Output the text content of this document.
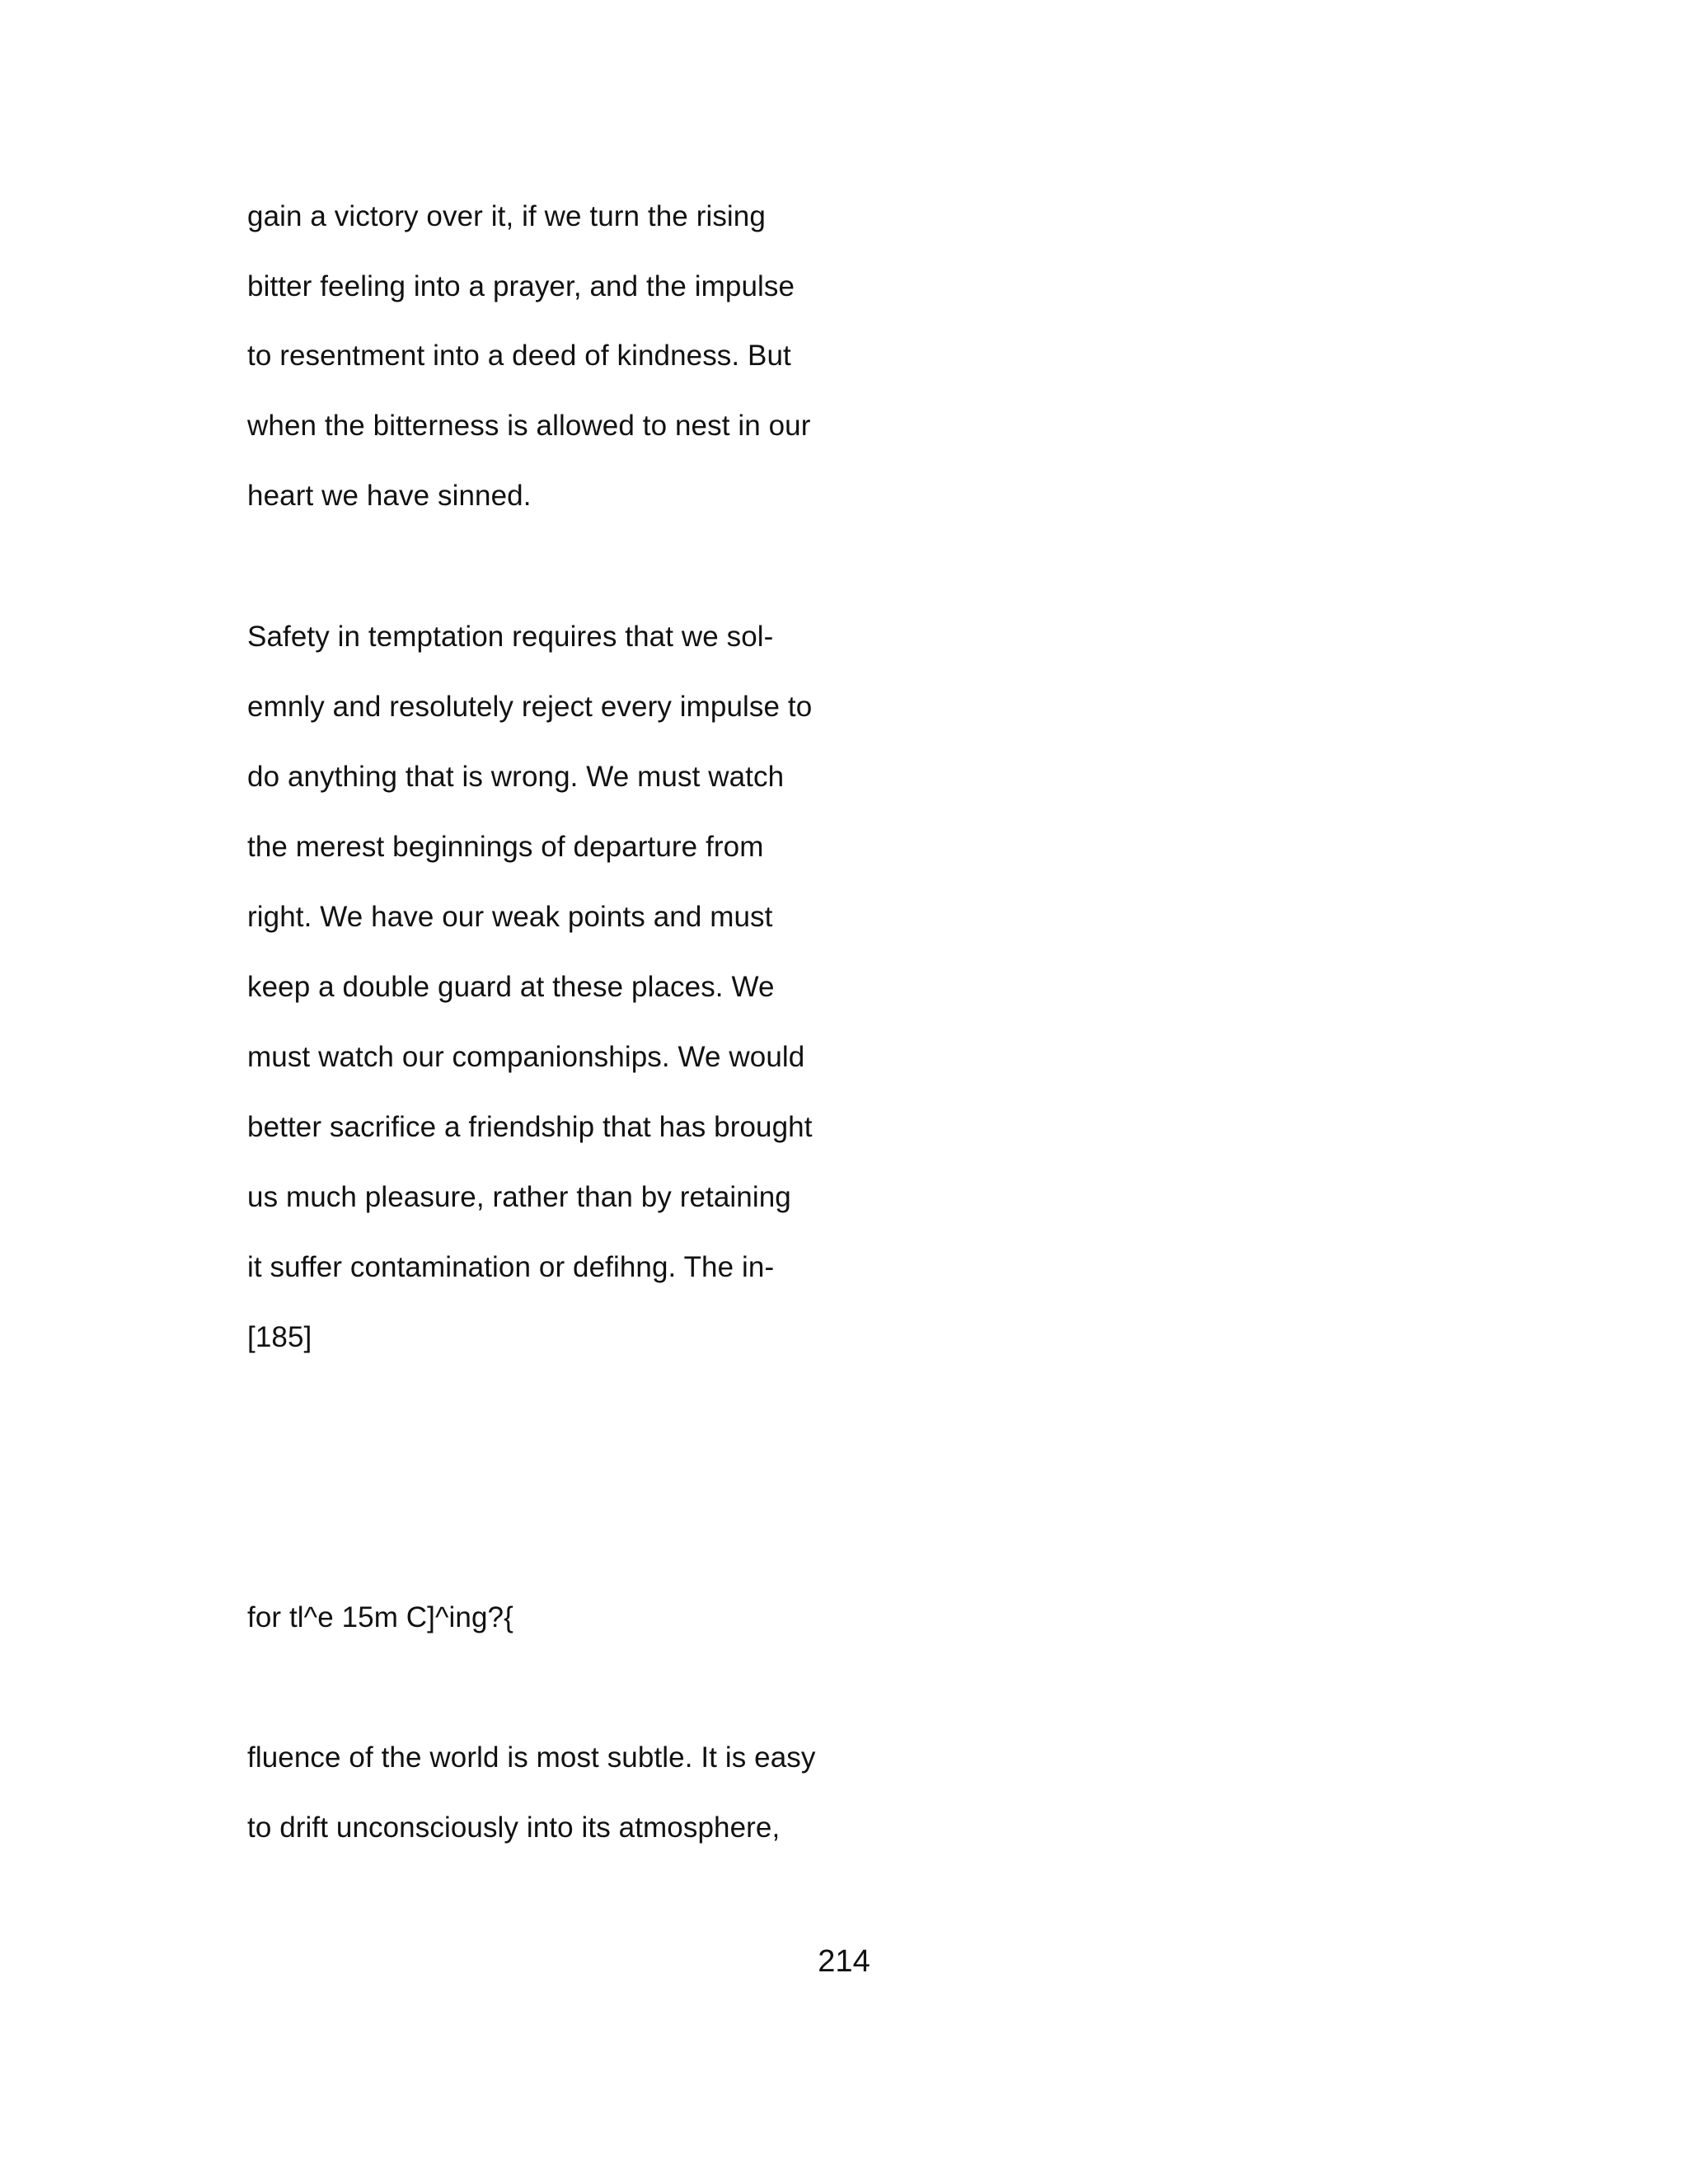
gain a victory over it, if we turn the rising
bitter feeling into a prayer, and the impulse
to resentment into a deed of kindness. But
when the bitterness is allowed to nest in our
heart we have sinned.
Safety in temptation requires that we sol-
emnly and resolutely reject every impulse to
do anything that is wrong. We must watch
the merest beginnings of departure from
right. We have our weak points and must
keep a double guard at these places. We
must watch our companionships. We would
better sacrifice a friendship that has brought
us much pleasure, rather than by retaining
it suffer contamination or defihng. The in-
[185]
for tl^e 15m C]^ing?{
fluence of the world is most subtle. It is easy
to drift unconsciously into its atmosphere,
214
